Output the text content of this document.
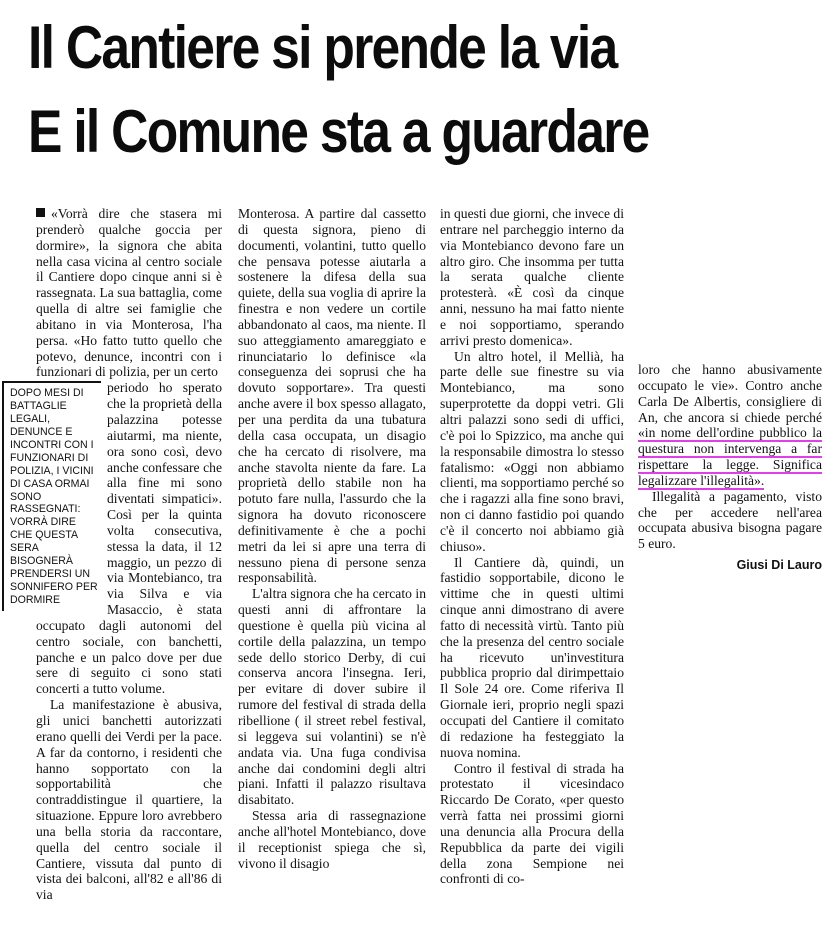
Il Cantiere si prende la via
E il Comune sta a guardare

«Vorrà dire che stasera mi prenderò qualche goccia per dormire», la signora che abita nella casa vicina al centro sociale il Cantiere dopo cinque anni si è rassegnata. La sua battaglia, come quella di altre sei famiglie che abitano in via Monterosa, l'ha persa. «Ho fatto tutto quello che potevo, denunce, incontri con i funzionari di polizia, per un certo

DOPO MESI DI BATTAGLIE LEGALI, DENUNCE E INCONTRI CON I FUNZIONARI DI POLIZIA, I VICINI DI CASA ORMAI SONO RASSEGNATI: VORRÀ DIRE CHE QUESTA SERA BISOGNERÀ PRENDERSI UN SONNIFERO PER DORMIRE

periodo ho sperato che la proprietà della palazzina potesse aiutarmi, ma niente, ora sono così, devo anche confessare che alla fine mi sono diventati simpatici». Così per la quinta volta consecutiva, stessa la data, il 12 maggio, un pezzo di via Montebianco, tra via Silva e via Masaccio, è stata occupato dagli autonomi del centro sociale, con banchetti, panche e un palco dove per due sere di seguito ci sono stati concerti a tutto volume.

La manifestazione è abusiva, gli unici banchetti autorizzati erano quelli dei Verdi per la pace. A far da contorno, i residenti che hanno sopportato con la sopportabilità che contraddistingue il quartiere, la situazione. Eppure loro avrebbero una bella storia da raccontare, quella del centro sociale il Cantiere, vissuta dal punto di vista dei balconi, all'82 e all'86 di via

Monterosa. A partire dal cassetto di questa signora, pieno di documenti, volantini, tutto quello che pensava potesse aiutarla a sostenere la difesa della sua quiete, della sua voglia di aprire la finestra e non vedere un cortile abbandonato al caos, ma niente. Il suo atteggiamento amareggiato e rinunciatario lo definisce «la conseguenza dei soprusi che ha dovuto sopportare». Tra questi anche avere il box spesso allagato, per una perdita da una tubatura della casa occupata, un disagio che ha cercato di risolvere, ma anche stavolta niente da fare. La proprietà dello stabile non ha potuto fare nulla, l'assurdo che la signora ha dovuto riconoscere definitivamente è che a pochi metri da lei si apre una terra di nessuno piena di persone senza responsabilità.

L'altra signora che ha cercato in questi anni di affrontare la questione è quella più vicina al cortile della palazzina, un tempo sede dello storico Derby, di cui conserva ancora l'insegna. Ieri, per evitare di dover subire il rumore del festival di strada della ribellione ( il street rebel festival, si leggeva sui volantini) se n'è andata via. Una fuga condivisa anche dai condomini degli altri piani. Infatti il palazzo risultava disabitato.

Stessa aria di rassegnazione anche all'hotel Montebianco, dove il receptionist spiega che sì, vivono il disagio

in questi due giorni, che invece di entrare nel parcheggio interno da via Montebianco devono fare un altro giro. Che insomma per tutta la serata qualche cliente protesterà. «È così da cinque anni, nessuno ha mai fatto niente e noi sopportiamo, sperando arrivi presto domenica».

Un altro hotel, il Mellià, ha parte delle sue finestre su via Montebianco, ma sono superprotette da doppi vetri. Gli altri palazzi sono sedi di uffici, c'è poi lo Spizzico, ma anche qui la responsabile dimostra lo stesso fatalismo: «Oggi non abbiamo clienti, ma sopportiamo perché so che i ragazzi alla fine sono bravi, non ci danno fastidio poi quando c'è il concerto noi abbiamo già chiuso».

Il Cantiere dà, quindi, un fastidio sopportabile, dicono le vittime che in questi ultimi cinque anni dimostrano di avere fatto di necessità virtù. Tanto più che la presenza del centro sociale ha ricevuto un'investitura pubblica proprio dal dirimpettaio Il Sole 24 ore. Come riferiva Il Giornale ieri, proprio negli spazi occupati del Cantiere il comitato di redazione ha festeggiato la nuova nomina.

Contro il festival di strada ha protestato il vicesindaco Riccardo De Corato, «per questo verrà fatta nei prossimi giorni una denuncia alla Procura della Repubblica da parte dei vigili della zona Sempione nei confronti di co-

loro che hanno abusivamente occupato le vie». Contro anche Carla De Albertis, consigliere di An, che ancora si chiede perché «in nome dell'ordine pubblico la questura non intervenga a far rispettare la legge. Significa legalizzare l'illegalità».

Illegalità a pagamento, visto che per accedere nell'area occupata abusiva bisogna pagare 5 euro.

Giusi Di Lauro
